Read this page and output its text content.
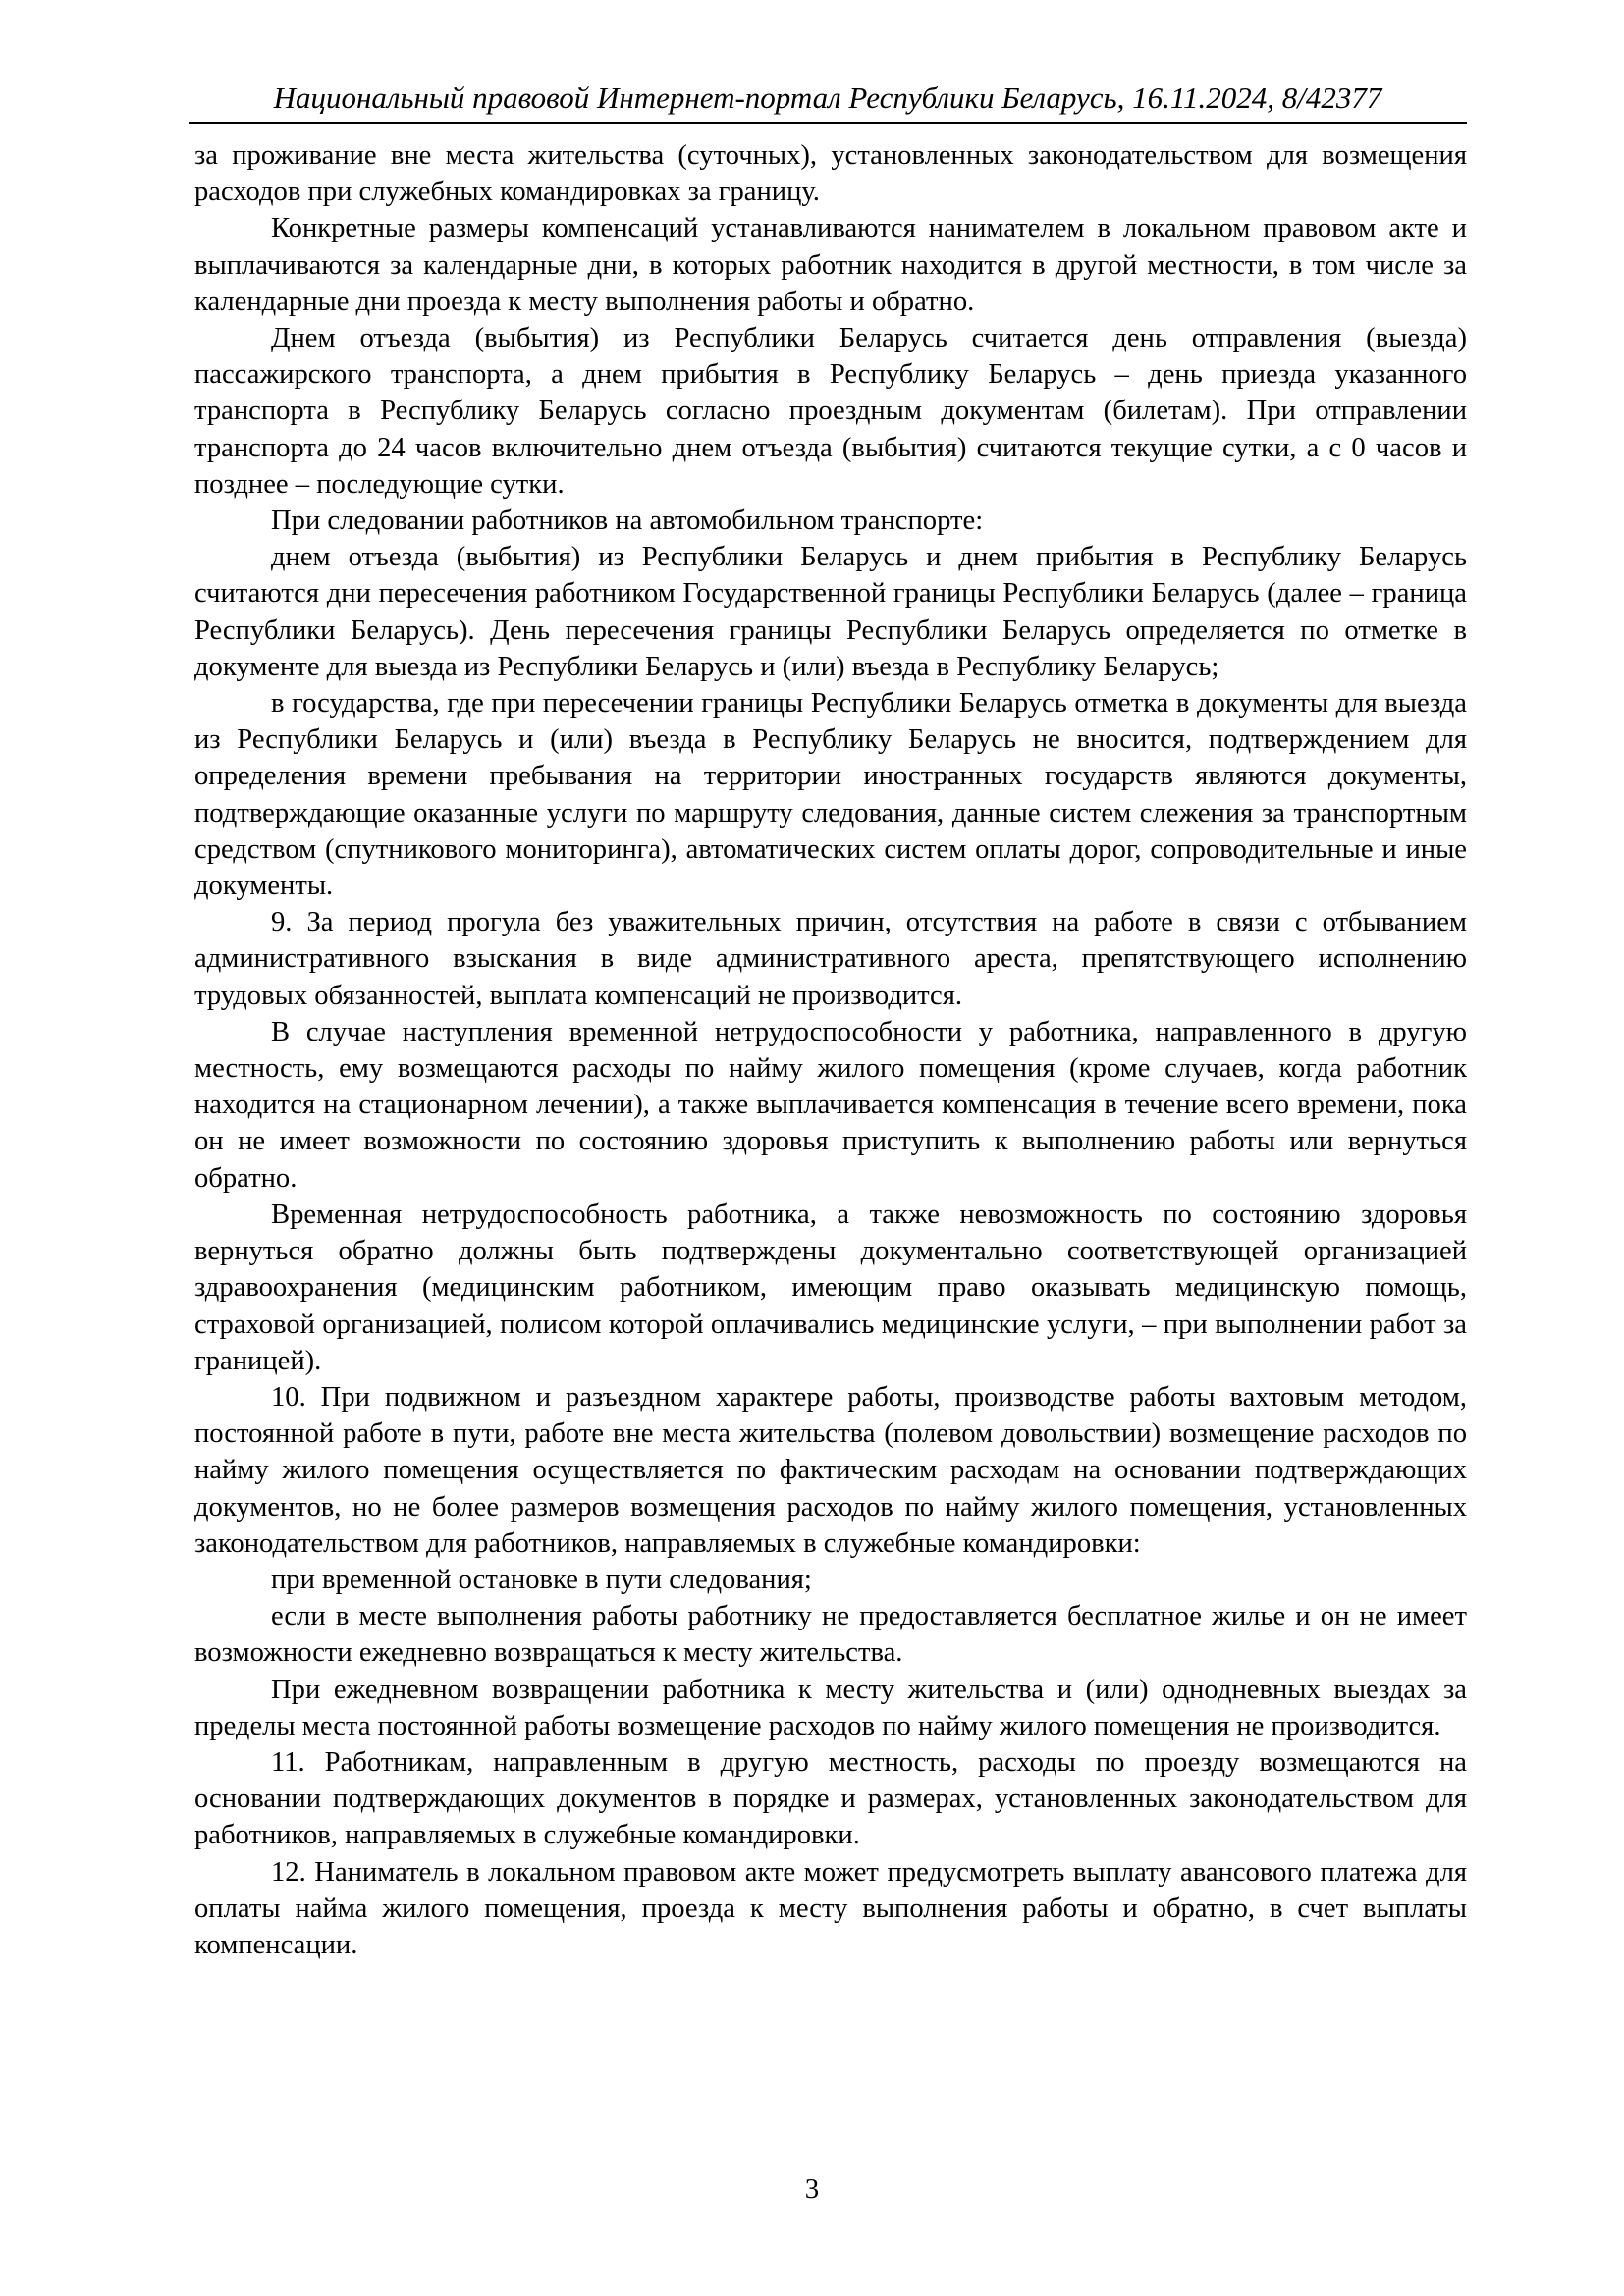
Национальный правовой Интернет-портал Республики Беларусь, 16.11.2024, 8/42377

за проживание вне места жительства (суточных), установленных законодательством для возмещения расходов при служебных командировках за границу.

Конкретные размеры компенсаций устанавливаются нанимателем в локальном правовом акте и выплачиваются за календарные дни, в которых работник находится в другой местности, в том числе за календарные дни проезда к месту выполнения работы и обратно.

Днем отъезда (выбытия) из Республики Беларусь считается день отправления (выезда) пассажирского транспорта, а днем прибытия в Республику Беларусь – день приезда указанного транспорта в Республику Беларусь согласно проездным документам (билетам). При отправлении транспорта до 24 часов включительно днем отъезда (выбытия) считаются текущие сутки, а с 0 часов и позднее – последующие сутки.

При следовании работников на автомобильном транспорте:

днем отъезда (выбытия) из Республики Беларусь и днем прибытия в Республику Беларусь считаются дни пересечения работником Государственной границы Республики Беларусь (далее – граница Республики Беларусь). День пересечения границы Республики Беларусь определяется по отметке в документе для выезда из Республики Беларусь и (или) въезда в Республику Беларусь;

в государства, где при пересечении границы Республики Беларусь отметка в документы для выезда из Республики Беларусь и (или) въезда в Республику Беларусь не вносится, подтверждением для определения времени пребывания на территории иностранных государств являются документы, подтверждающие оказанные услуги по маршруту следования, данные систем слежения за транспортным средством (спутникового мониторинга), автоматических систем оплаты дорог, сопроводительные и иные документы.

9. За период прогула без уважительных причин, отсутствия на работе в связи с отбыванием административного взыскания в виде административного ареста, препятствующего исполнению трудовых обязанностей, выплата компенсаций не производится.

В случае наступления временной нетрудоспособности у работника, направленного в другую местность, ему возмещаются расходы по найму жилого помещения (кроме случаев, когда работник находится на стационарном лечении), а также выплачивается компенсация в течение всего времени, пока он не имеет возможности по состоянию здоровья приступить к выполнению работы или вернуться обратно.

Временная нетрудоспособность работника, а также невозможность по состоянию здоровья вернуться обратно должны быть подтверждены документально соответствующей организацией здравоохранения (медицинским работником, имеющим право оказывать медицинскую помощь, страховой организацией, полисом которой оплачивались медицинские услуги, – при выполнении работ за границей).

10. При подвижном и разъездном характере работы, производстве работы вахтовым методом, постоянной работе в пути, работе вне места жительства (полевом довольствии) возмещение расходов по найму жилого помещения осуществляется по фактическим расходам на основании подтверждающих документов, но не более размеров возмещения расходов по найму жилого помещения, установленных законодательством для работников, направляемых в служебные командировки:

при временной остановке в пути следования;

если в месте выполнения работы работнику не предоставляется бесплатное жилье и он не имеет возможности ежедневно возвращаться к месту жительства.

При ежедневном возвращении работника к месту жительства и (или) однодневных выездах за пределы места постоянной работы возмещение расходов по найму жилого помещения не производится.

11. Работникам, направленным в другую местность, расходы по проезду возмещаются на основании подтверждающих документов в порядке и размерах, установленных законодательством для работников, направляемых в служебные командировки.

12. Наниматель в локальном правовом акте может предусмотреть выплату авансового платежа для оплаты найма жилого помещения, проезда к месту выполнения работы и обратно, в счет выплаты компенсации.

3
